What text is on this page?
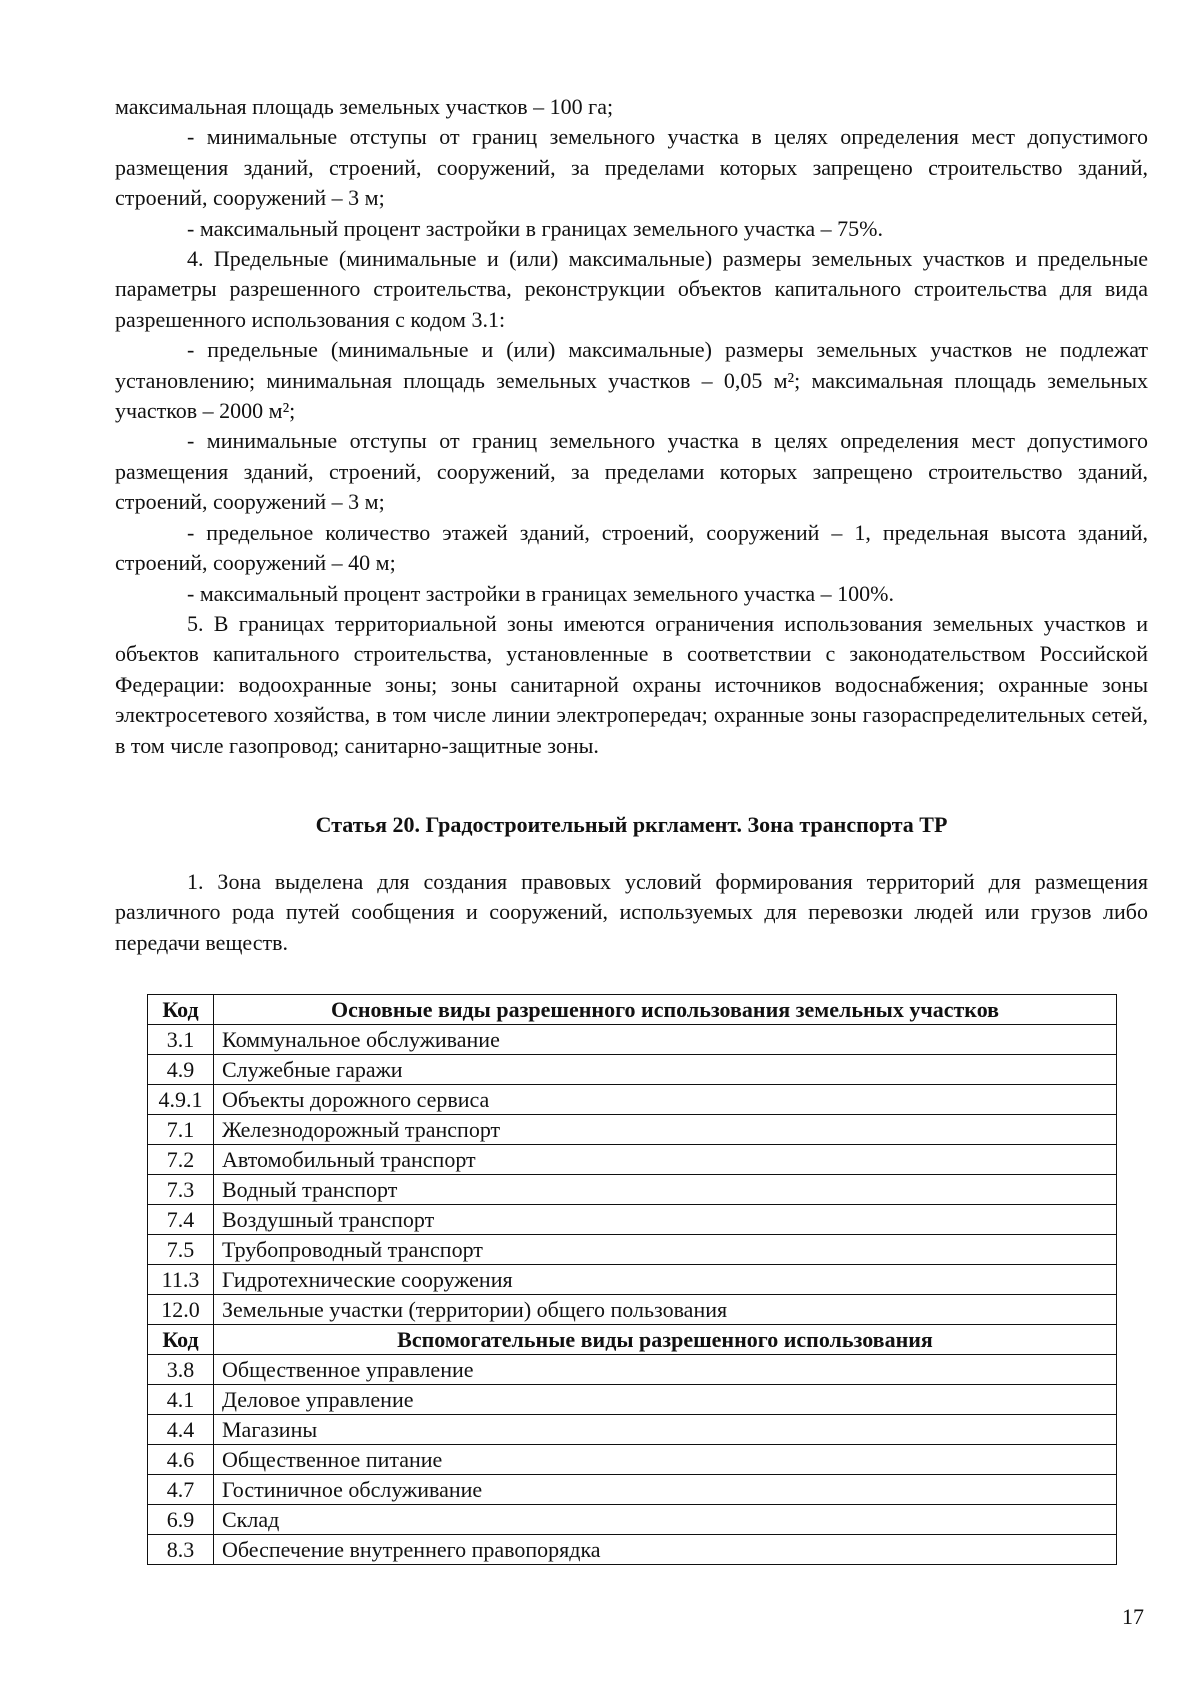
максимальная площадь земельных участков – 100 га;

- минимальные отступы от границ земельного участка в целях определения мест допустимого размещения зданий, строений, сооружений, за пределами которых запрещено строительство зданий, строений, сооружений – 3 м;

- максимальный процент застройки в границах земельного участка – 75%.

4. Предельные (минимальные и (или) максимальные) размеры земельных участков и предельные параметры разрешенного строительства, реконструкции объектов капитального строительства для вида разрешенного использования с кодом 3.1:

- предельные (минимальные и (или) максимальные) размеры земельных участков не подлежат установлению; минимальная площадь земельных участков – 0,05 м²; максимальная площадь земельных участков – 2000 м²;

- минимальные отступы от границ земельного участка в целях определения мест допустимого размещения зданий, строений, сооружений, за пределами которых запрещено строительство зданий, строений, сооружений – 3 м;

- предельное количество этажей зданий, строений, сооружений – 1, предельная высота зданий, строений, сооружений – 40 м;

- максимальный процент застройки в границах земельного участка – 100%.

5. В границах территориальной зоны имеются ограничения использования земельных участков и объектов капитального строительства, установленные в соответствии с законодательством Российской Федерации: водоохранные зоны; зоны санитарной охраны источников водоснабжения; охранные зоны электросетевого хозяйства, в том числе линии электропередач; охранные зоны газораспределительных сетей, в том числе газопровод; санитарно-защитные зоны.

Статья 20. Градостроительный ркгламент. Зона транспорта ТР

1. Зона выделена для создания правовых условий формирования территорий для размещения различного рода путей сообщения и сооружений, используемых для перевозки людей или грузов либо передачи веществ.

Код	Основные виды разрешенного использования земельных участков
3.1	Коммунальное обслуживание
4.9	Служебные гаражи
4.9.1	Объекты дорожного сервиса
7.1	Железнодорожный транспорт
7.2	Автомобильный транспорт
7.3	Водный транспорт
7.4	Воздушный транспорт
7.5	Трубопроводный транспорт
11.3	Гидротехнические сооружения
12.0	Земельные участки (территории) общего пользования
Код	Вспомогательные виды разрешенного использования
3.8	Общественное управление
4.1	Деловое управление
4.4	Магазины
4.6	Общественное питание
4.7	Гостиничное обслуживание
6.9	Склад
8.3	Обеспечение внутреннего правопорядка
17
